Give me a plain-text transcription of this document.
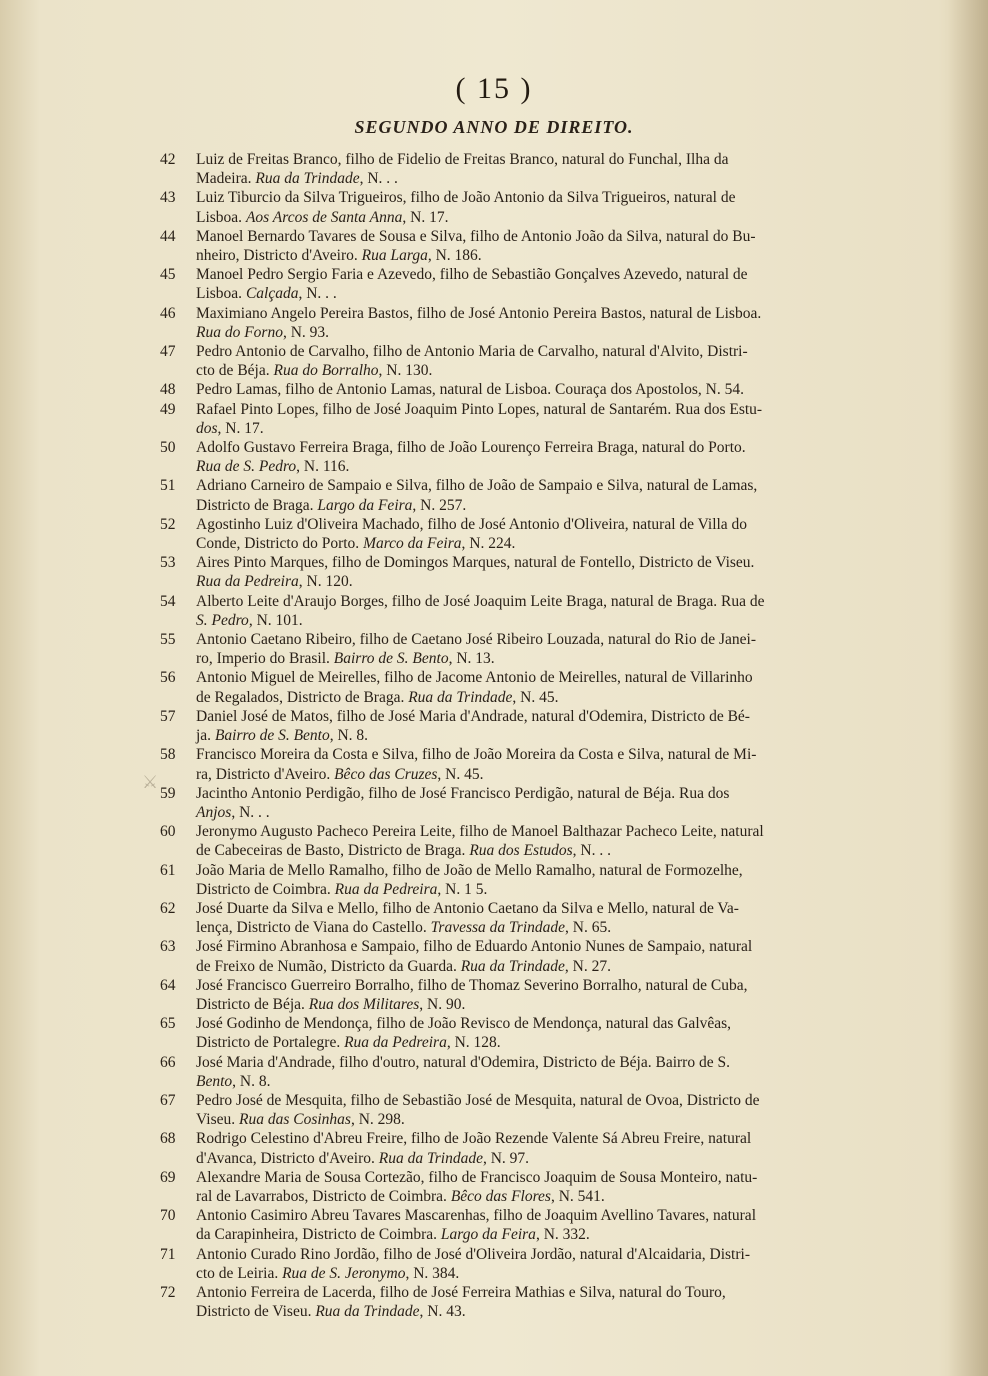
( 15 )
SEGUNDO ANNO DE DIREITO.
⚔
42	Luiz de Freitas Branco, filho de Fidelio de Freitas Branco, natural do Funchal, Ilha da
Madeira. Rua da Trindade, N. . .
43	Luiz Tiburcio da Silva Trigueiros, filho de João Antonio da Silva Trigueiros, natural de
Lisboa. Aos Arcos de Santa Anna, N. 17.
44	Manoel Bernardo Tavares de Sousa e Silva, filho de Antonio João da Silva, natural do Bu-
nheiro, Districto d'Aveiro. Rua Larga, N. 186.
45	Manoel Pedro Sergio Faria e Azevedo, filho de Sebastião Gonçalves Azevedo, natural de
Lisboa. Calçada, N. . .
46	Maximiano Angelo Pereira Bastos, filho de José Antonio Pereira Bastos, natural de Lisboa.
Rua do Forno, N. 93.
47	Pedro Antonio de Carvalho, filho de Antonio Maria de Carvalho, natural d'Alvito, Distri-
cto de Béja. Rua do Borralho, N. 130.
48	Pedro Lamas, filho de Antonio Lamas, natural de Lisboa. Couraça dos Apostolos, N. 54.
49	Rafael Pinto Lopes, filho de José Joaquim Pinto Lopes, natural de Santarém. Rua dos Estu-
dos, N. 17.
50	Adolfo Gustavo Ferreira Braga, filho de João Lourenço Ferreira Braga, natural do Porto.
Rua de S. Pedro, N. 116.
51	Adriano Carneiro de Sampaio e Silva, filho de João de Sampaio e Silva, natural de Lamas,
Districto de Braga. Largo da Feira, N. 257.
52	Agostinho Luiz d'Oliveira Machado, filho de José Antonio d'Oliveira, natural de Villa do
Conde, Districto do Porto. Marco da Feira, N. 224.
53	Aires Pinto Marques, filho de Domingos Marques, natural de Fontello, Districto de Viseu.
Rua da Pedreira, N. 120.
54	Alberto Leite d'Araujo Borges, filho de José Joaquim Leite Braga, natural de Braga. Rua de
S. Pedro, N. 101.
55	Antonio Caetano Ribeiro, filho de Caetano José Ribeiro Louzada, natural do Rio de Janei-
ro, Imperio do Brasil. Bairro de S. Bento, N. 13.
56	Antonio Miguel de Meirelles, filho de Jacome Antonio de Meirelles, natural de Villarinho
de Regalados, Districto de Braga. Rua da Trindade, N. 45.
57	Daniel José de Matos, filho de José Maria d'Andrade, natural d'Odemira, Districto de Bé-
ja. Bairro de S. Bento, N. 8.
58	Francisco Moreira da Costa e Silva, filho de João Moreira da Costa e Silva, natural de Mi-
ra, Districto d'Aveiro. Bêco das Cruzes, N. 45.
59	Jacintho Antonio Perdigão, filho de José Francisco Perdigão, natural de Béja. Rua dos
Anjos, N. . .
60	Jeronymo Augusto Pacheco Pereira Leite, filho de Manoel Balthazar Pacheco Leite, natural
de Cabeceiras de Basto, Districto de Braga. Rua dos Estudos, N. . .
61	João Maria de Mello Ramalho, filho de João de Mello Ramalho, natural de Formozelhe,
Districto de Coimbra. Rua da Pedreira, N. 1 5.
62	José Duarte da Silva e Mello, filho de Antonio Caetano da Silva e Mello, natural de Va-
lença, Districto de Viana do Castello. Travessa da Trindade, N. 65.
63	José Firmino Abranhosa e Sampaio, filho de Eduardo Antonio Nunes de Sampaio, natural
de Freixo de Numão, Districto da Guarda. Rua da Trindade, N. 27.
64	José Francisco Guerreiro Borralho, filho de Thomaz Severino Borralho, natural de Cuba,
Districto de Béja. Rua dos Militares, N. 90.
65	José Godinho de Mendonça, filho de João Revisco de Mendonça, natural das Galvêas,
Districto de Portalegre. Rua da Pedreira, N. 128.
66	José Maria d'Andrade, filho d'outro, natural d'Odemira, Districto de Béja. Bairro de S.
Bento, N. 8.
67	Pedro José de Mesquita, filho de Sebastião José de Mesquita, natural de Ovoa, Districto de
Viseu. Rua das Cosinhas, N. 298.
68	Rodrigo Celestino d'Abreu Freire, filho de João Rezende Valente Sá Abreu Freire, natural
d'Avanca, Districto d'Aveiro. Rua da Trindade, N. 97.
69	Alexandre Maria de Sousa Cortezão, filho de Francisco Joaquim de Sousa Monteiro, natu-
ral de Lavarrabos, Districto de Coimbra. Bêco das Flores, N. 541.
70	Antonio Casimiro Abreu Tavares Mascarenhas, filho de Joaquim Avellino Tavares, natural
da Carapinheira, Districto de Coimbra. Largo da Feira, N. 332.
71	Antonio Curado Rino Jordão, filho de José d'Oliveira Jordão, natural d'Alcaidaria, Distri-
cto de Leiria. Rua de S. Jeronymo, N. 384.
72	Antonio Ferreira de Lacerda, filho de José Ferreira Mathias e Silva, natural do Touro,
Districto de Viseu. Rua da Trindade, N. 43.
